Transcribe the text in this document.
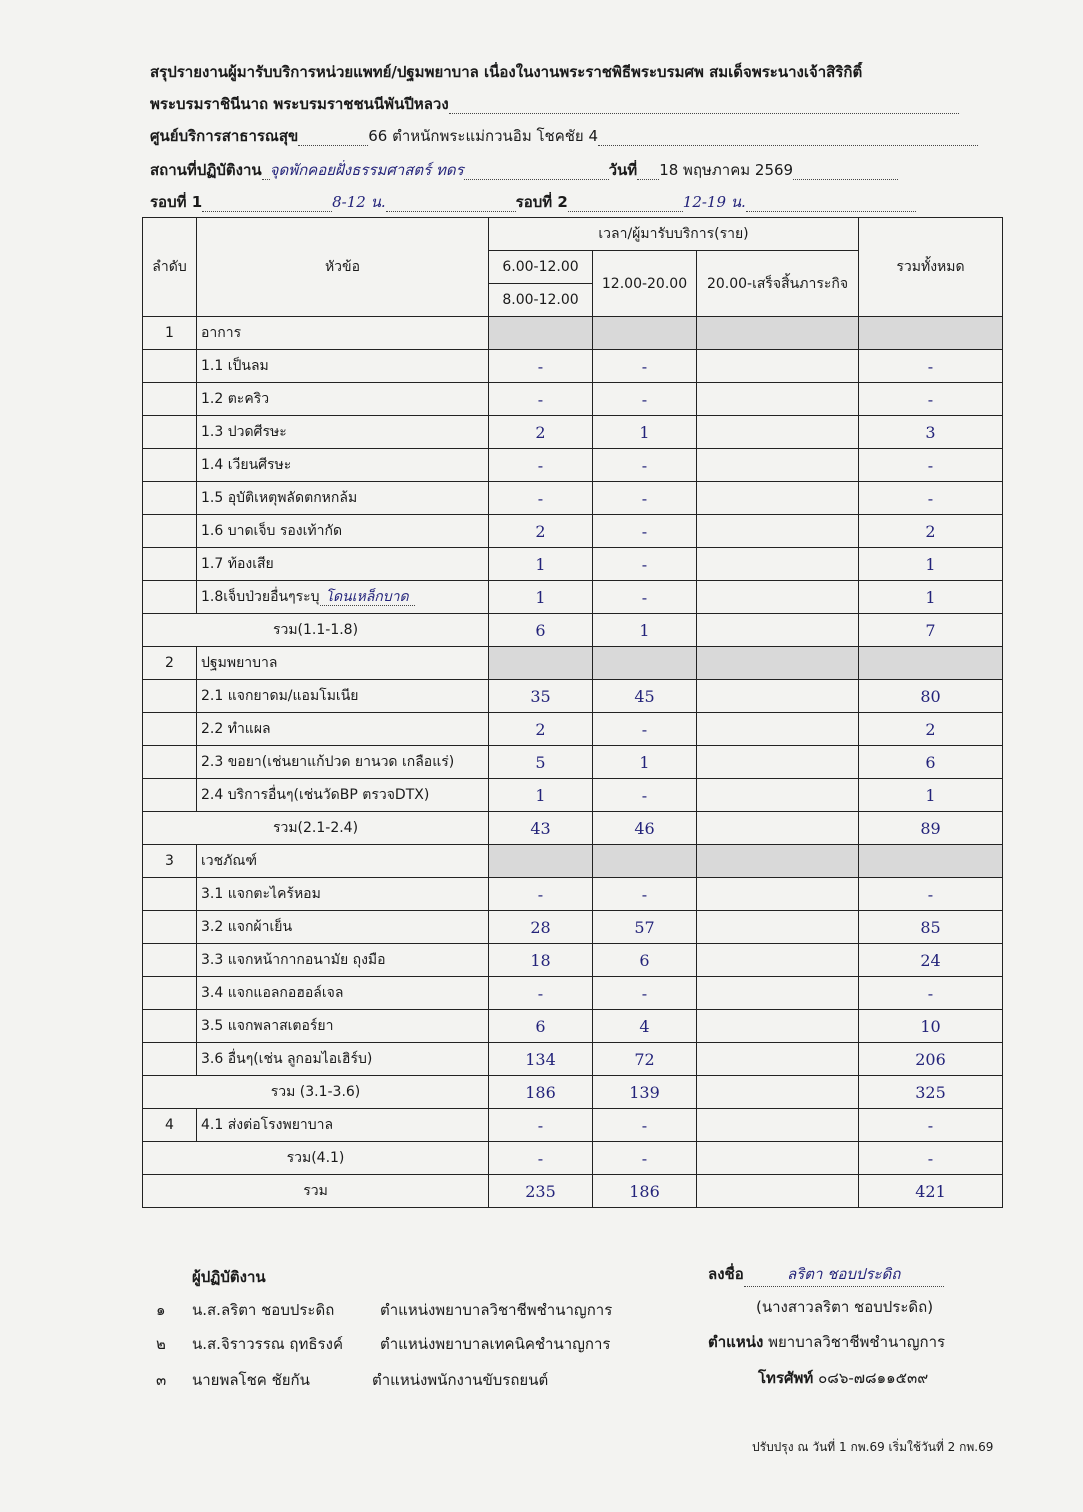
สรุปรายงานผู้มารับบริการหน่วยแพทย์/ปฐมพยาบาล เนื่องในงานพระราชพิธีพระบรมศพ สมเด็จพระนางเจ้าสิริกิติ์
พระบรมราชินีนาถ พระบรมราชชนนีพันปีหลวง
ศูนย์บริการสาธารณสุข	66 ตำหนักพระแม่กวนอิม โชคชัย 4
สถานที่ปฏิบัติงาน จุดพักคอยฝั่งธรรมศาสตร์ ทดร	วันที่ 18 พฤษภาคม 2569
รอบที่ 1	8-12 น.	รอบที่ 2	12-19 น.
ลำดับ	หัวข้อ	เวลา/ผู้มารับบริการ(ราย)			รวมทั้งหมด
		6.00-12.00	12.00-20.00	20.00-เสร็จสิ้นภาระกิจ	
		8.00-12.00			
1	อาการ				
	1.1 เป็นลม	-	-		-
	1.2 ตะคริว	-	-		-
	1.3 ปวดศีรษะ	2	1		3
	1.4 เวียนศีรษะ	-	-		-
	1.5 อุบัติเหตุพลัดตกหกล้ม	-	-		-
	1.6 บาดเจ็บ รองเท้ากัด	2	-		2
	1.7 ท้องเสีย	1	-		1
	1.8เจ็บป่วยอื่นๆระบุ โดนเหล็กบาด	1	-		1
รวม(1.1-1.8)		6	1		7
2	ปฐมพยาบาล				
	2.1 แจกยาดม/แอมโมเนีย	35	45		80
	2.2 ทำแผล	2	-		2
	2.3 ขอยา(เช่นยาแก้ปวด ยานวด เกลือแร่)	5	1		6
	2.4 บริการอื่นๆ(เช่นวัดBP ตรวจDTX)	1	-		1
รวม(2.1-2.4)		43	46		89
3	เวชภัณฑ์				
	3.1 แจกตะไคร้หอม	-	-		-
	3.2 แจกผ้าเย็น	28	57		85
	3.3 แจกหน้ากากอนามัย ถุงมือ	18	6		24
	3.4 แจกแอลกอฮอล์เจล	-	-		-
	3.5 แจกพลาสเตอร์ยา	6	4		10
	3.6 อื่นๆ(เช่น ลูกอมไอเฮิร์บ)	134	72		206
รวม (3.1-3.6)		186	139		325
4	4.1 ส่งต่อโรงพยาบาล	-	-		-
รวม(4.1)		-	-		-
รวม		235	186		421
ผู้ปฏิบัติงาน
๑ น.ส.ลริตา ชอบประดิถ	ตำแหน่งพยาบาลวิชาชีพชำนาญการ
๒ น.ส.จิราวรรณ ฤทธิรงค์ ตำแหน่งพยาบาลเทคนิคชำนาญการ
๓ นายพลโชค ชัยกัน	ตำแหน่งพนักงานขับรถยนต์
ลงชื่อ	ลริตา ชอบประดิถ
(นางสาวลริตา ชอบประดิถ)
ตำแหน่ง พยาบาลวิชาชีพชำนาญการ
โทรศัพท์ ๐๘๖-๗๘๑๑๕๓๙
ปรับปรุง ณ วันที่ 1 กพ.69 เริ่มใช้วันที่ 2 กพ.69
